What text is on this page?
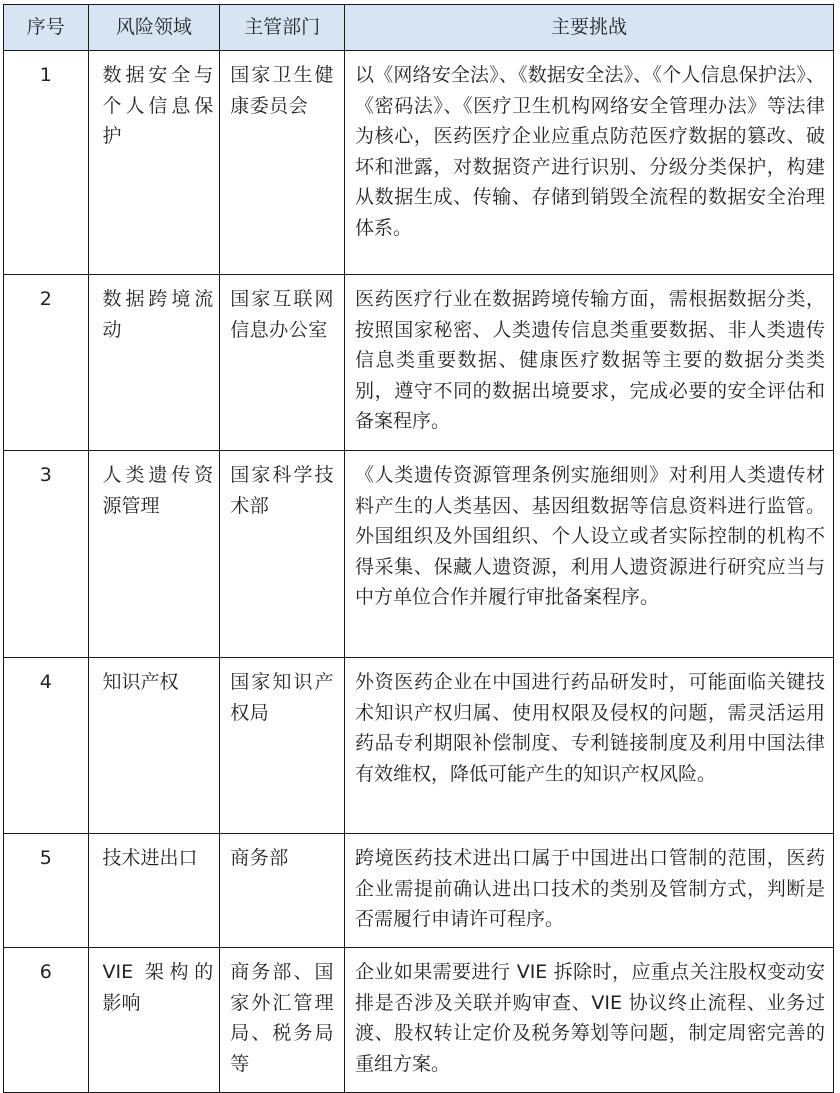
序号	风险领域	主管部门	主要挑战
1	数据安全与个人信息保护	国家卫生健康委员会	以《网络安全法》、《数据安全法》、《个人信息保护法》、《密码法》、《医疗卫生机构网络安全管理办法》等法律为核心，医药医疗企业应重点防范医疗数据的篡改、破坏和泄露，对数据资产进行识别、分级分类保护，构建从数据生成、传输、存储到销毁全流程的数据安全治理体系。
2	数据跨境流动	国家互联网信息办公室	医药医疗行业在数据跨境传输方面，需根据数据分类，按照国家秘密、人类遗传信息类重要数据、非人类遗传信息类重要数据、健康医疗数据等主要的数据分类类别，遵守不同的数据出境要求，完成必要的安全评估和备案程序。
3	人类遗传资源管理	国家科学技术部	《人类遗传资源管理条例实施细则》对利用人类遗传材料产生的人类基因、基因组数据等信息资料进行监管。外国组织及外国组织、个人设立或者实际控制的机构不得采集、保藏人遗资源，利用人遗资源进行研究应当与中方单位合作并履行审批备案程序。
4	知识产权	国家知识产权局	外资医药企业在中国进行药品研发时，可能面临关键技术知识产权归属、使用权限及侵权的问题，需灵活运用药品专利期限补偿制度、专利链接制度及利用中国法律有效维权，降低可能产生的知识产权风险。
5	技术进出口	商务部	跨境医药技术进出口属于中国进出口管制的范围，医药企业需提前确认进出口技术的类别及管制方式，判断是否需履行申请许可程序。
6	VIE 架构的影响	商务部、国家外汇管理局、税务局等	企业如果需要进行 VIE 拆除时，应重点关注股权变动安排是否涉及关联并购审查、VIE 协议终止流程、业务过渡、股权转让定价及税务筹划等问题，制定周密完善的重组方案。
